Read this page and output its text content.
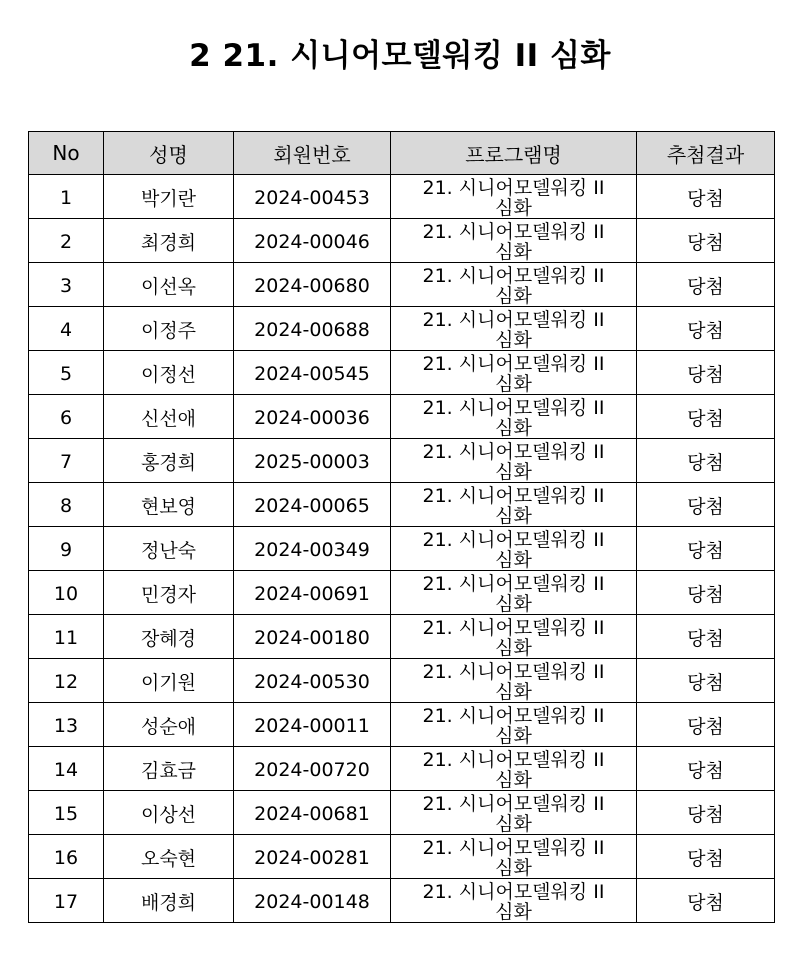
2 21. 시니어모델워킹 II 심화
No	성명	회원번호	프로그램명	추첨결과
1	박기란	2024-00453	21. 시니어모델워킹 II 심화	당첨
2	최경희	2024-00046	21. 시니어모델워킹 II 심화	당첨
3	이선옥	2024-00680	21. 시니어모델워킹 II 심화	당첨
4	이정주	2024-00688	21. 시니어모델워킹 II 심화	당첨
5	이정선	2024-00545	21. 시니어모델워킹 II 심화	당첨
6	신선애	2024-00036	21. 시니어모델워킹 II 심화	당첨
7	홍경희	2025-00003	21. 시니어모델워킹 II 심화	당첨
8	현보영	2024-00065	21. 시니어모델워킹 II 심화	당첨
9	정난숙	2024-00349	21. 시니어모델워킹 II 심화	당첨
10	민경자	2024-00691	21. 시니어모델워킹 II 심화	당첨
11	장혜경	2024-00180	21. 시니어모델워킹 II 심화	당첨
12	이기원	2024-00530	21. 시니어모델워킹 II 심화	당첨
13	성순애	2024-00011	21. 시니어모델워킹 II 심화	당첨
14	김효금	2024-00720	21. 시니어모델워킹 II 심화	당첨
15	이상선	2024-00681	21. 시니어모델워킹 II 심화	당첨
16	오숙현	2024-00281	21. 시니어모델워킹 II 심화	당첨
17	배경희	2024-00148	21. 시니어모델워킹 II 심화	당첨
